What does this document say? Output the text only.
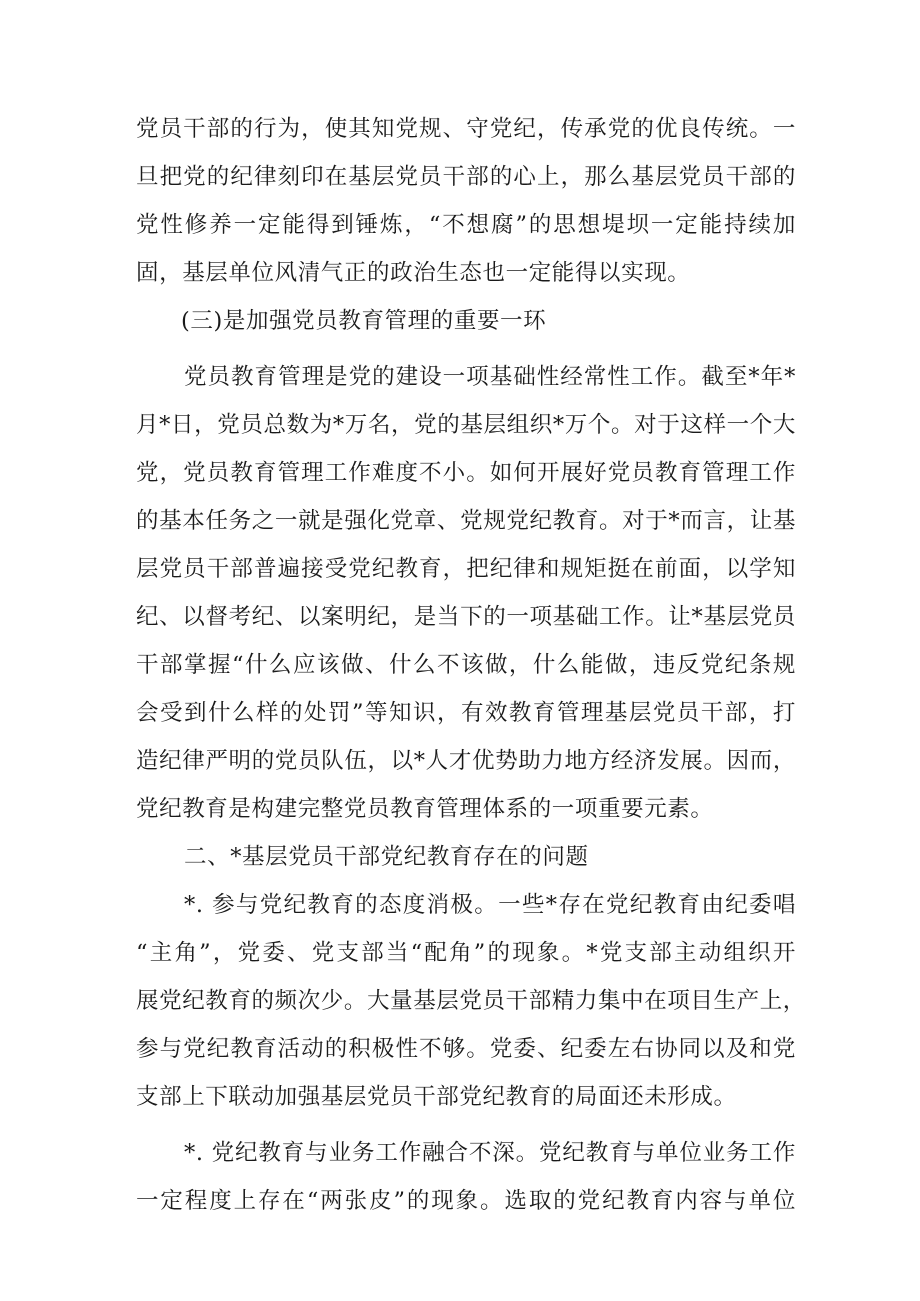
党员干部的行为，使其知党规、守党纪，传承党的优良传统。一
旦把党的纪律刻印在基层党员干部的心上，那么基层党员干部的
党性修养一定能得到锤炼，“不想腐”的思想堤坝一定能持续加
固，基层单位风清气正的政治生态也一定能得以实现。
(三)是加强党员教育管理的重要一环
党员教育管理是党的建设一项基础性经常性工作。截至*年*
月*日，党员总数为*万名，党的基层组织*万个。对于这样一个大
党，党员教育管理工作难度不小。如何开展好党员教育管理工作
的基本任务之一就是强化党章、党规党纪教育。对于*而言，让基
层党员干部普遍接受党纪教育，把纪律和规矩挺在前面，以学知
纪、以督考纪、以案明纪，是当下的一项基础工作。让*基层党员
干部掌握“什么应该做、什么不该做，什么能做，违反党纪条规
会受到什么样的处罚”等知识，有效教育管理基层党员干部，打
造纪律严明的党员队伍，以*人才优势助力地方经济发展。因而，
党纪教育是构建完整党员教育管理体系的一项重要元素。
二、*基层党员干部党纪教育存在的问题
*. 参与党纪教育的态度消极。一些*存在党纪教育由纪委唱
“主角”，党委、党支部当“配角”的现象。*党支部主动组织开
展党纪教育的频次少。大量基层党员干部精力集中在项目生产上，
参与党纪教育活动的积极性不够。党委、纪委左右协同以及和党
支部上下联动加强基层党员干部党纪教育的局面还未形成。
*. 党纪教育与业务工作融合不深。党纪教育与单位业务工作
一定程度上存在“两张皮”的现象。选取的党纪教育内容与单位
